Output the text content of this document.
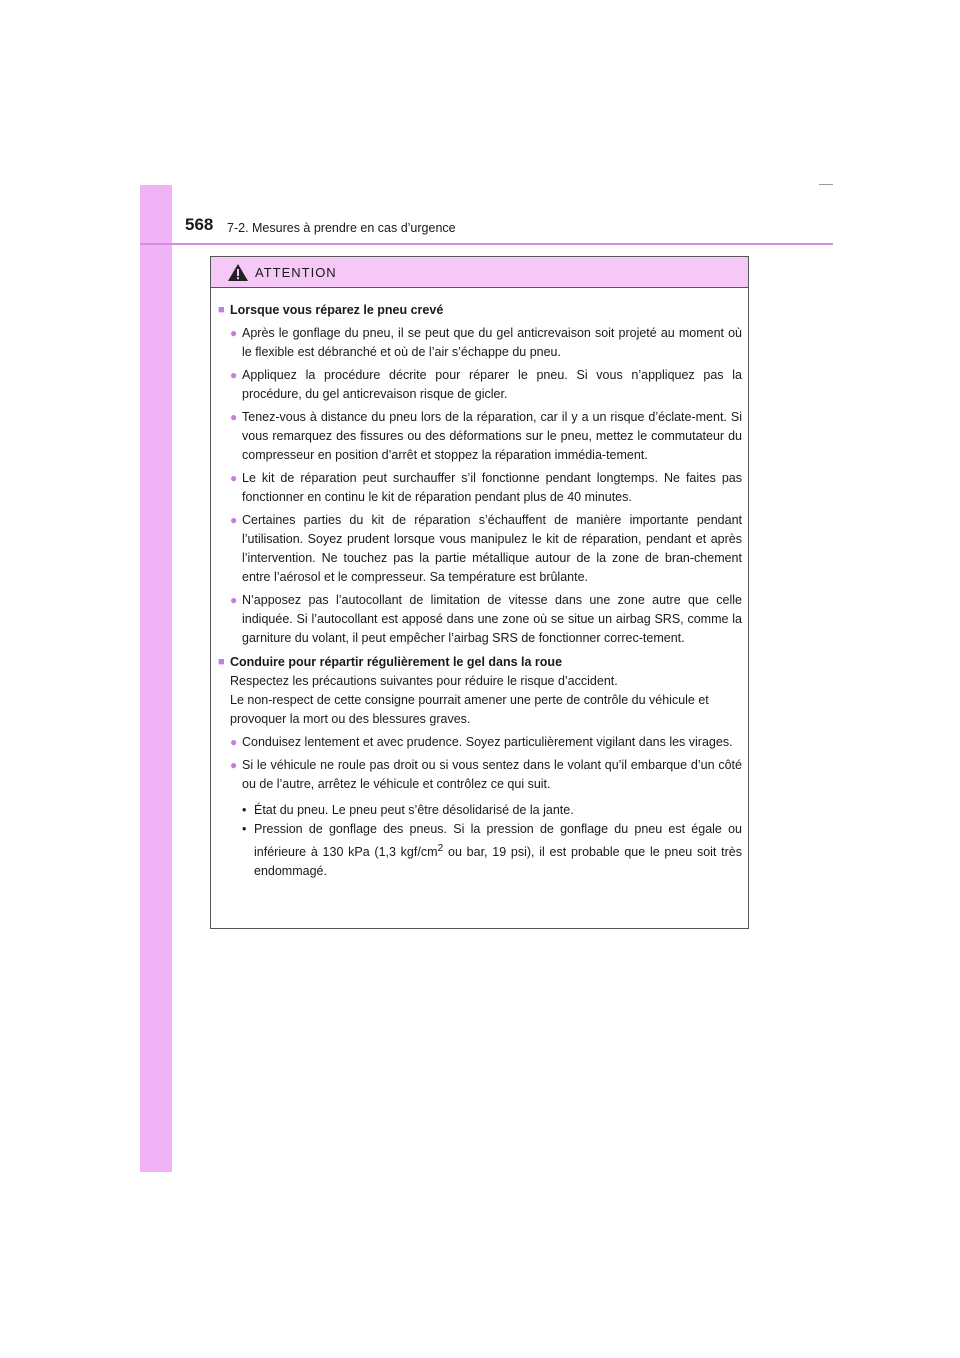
568 7-2. Mesures à prendre en cas d’urgence
ATTENTION
■ Lorsque vous réparez le pneu crevé
● Après le gonflage du pneu, il se peut que du gel anticrevaison soit projeté au moment où le flexible est débranché et où de l’air s’échappe du pneu.
● Appliquez la procédure décrite pour réparer le pneu. Si vous n’appliquez pas la procédure, du gel anticrevaison risque de gicler.
● Tenez-vous à distance du pneu lors de la réparation, car il y a un risque d’éclate-ment. Si vous remarquez des fissures ou des déformations sur le pneu, mettez le commutateur du compresseur en position d’arrêt et stoppez la réparation immédia-tement.
● Le kit de réparation peut surchauffer s’il fonctionne pendant longtemps. Ne faites pas fonctionner en continu le kit de réparation pendant plus de 40 minutes.
● Certaines parties du kit de réparation s’échauffent de manière importante pendant l’utilisation. Soyez prudent lorsque vous manipulez le kit de réparation, pendant et après l’intervention. Ne touchez pas la partie métallique autour de la zone de bran-chement entre l’aérosol et le compresseur. Sa température est brûlante.
● N’apposez pas l’autocollant de limitation de vitesse dans une zone autre que celle indiquée. Si l’autocollant est apposé dans une zone où se situe un airbag SRS, comme la garniture du volant, il peut empêcher l’airbag SRS de fonctionner correc-tement.
■ Conduire pour répartir régulièrement le gel dans la roue
Respectez les précautions suivantes pour réduire le risque d’accident.
Le non-respect de cette consigne pourrait amener une perte de contrôle du véhicule et provoquer la mort ou des blessures graves.
● Conduisez lentement et avec prudence. Soyez particulièrement vigilant dans les virages.
● Si le véhicule ne roule pas droit ou si vous sentez dans le volant qu’il embarque d’un côté ou de l’autre, arrêtez le véhicule et contrôlez ce qui suit.
• État du pneu. Le pneu peut s’être désolidarisé de la jante.
• Pression de gonflage des pneus. Si la pression de gonflage du pneu est égale ou inférieure à 130 kPa (1,3 kgf/$cm^2$ ou bar, 19 psi), il est probable que le pneu soit très endommagé.
